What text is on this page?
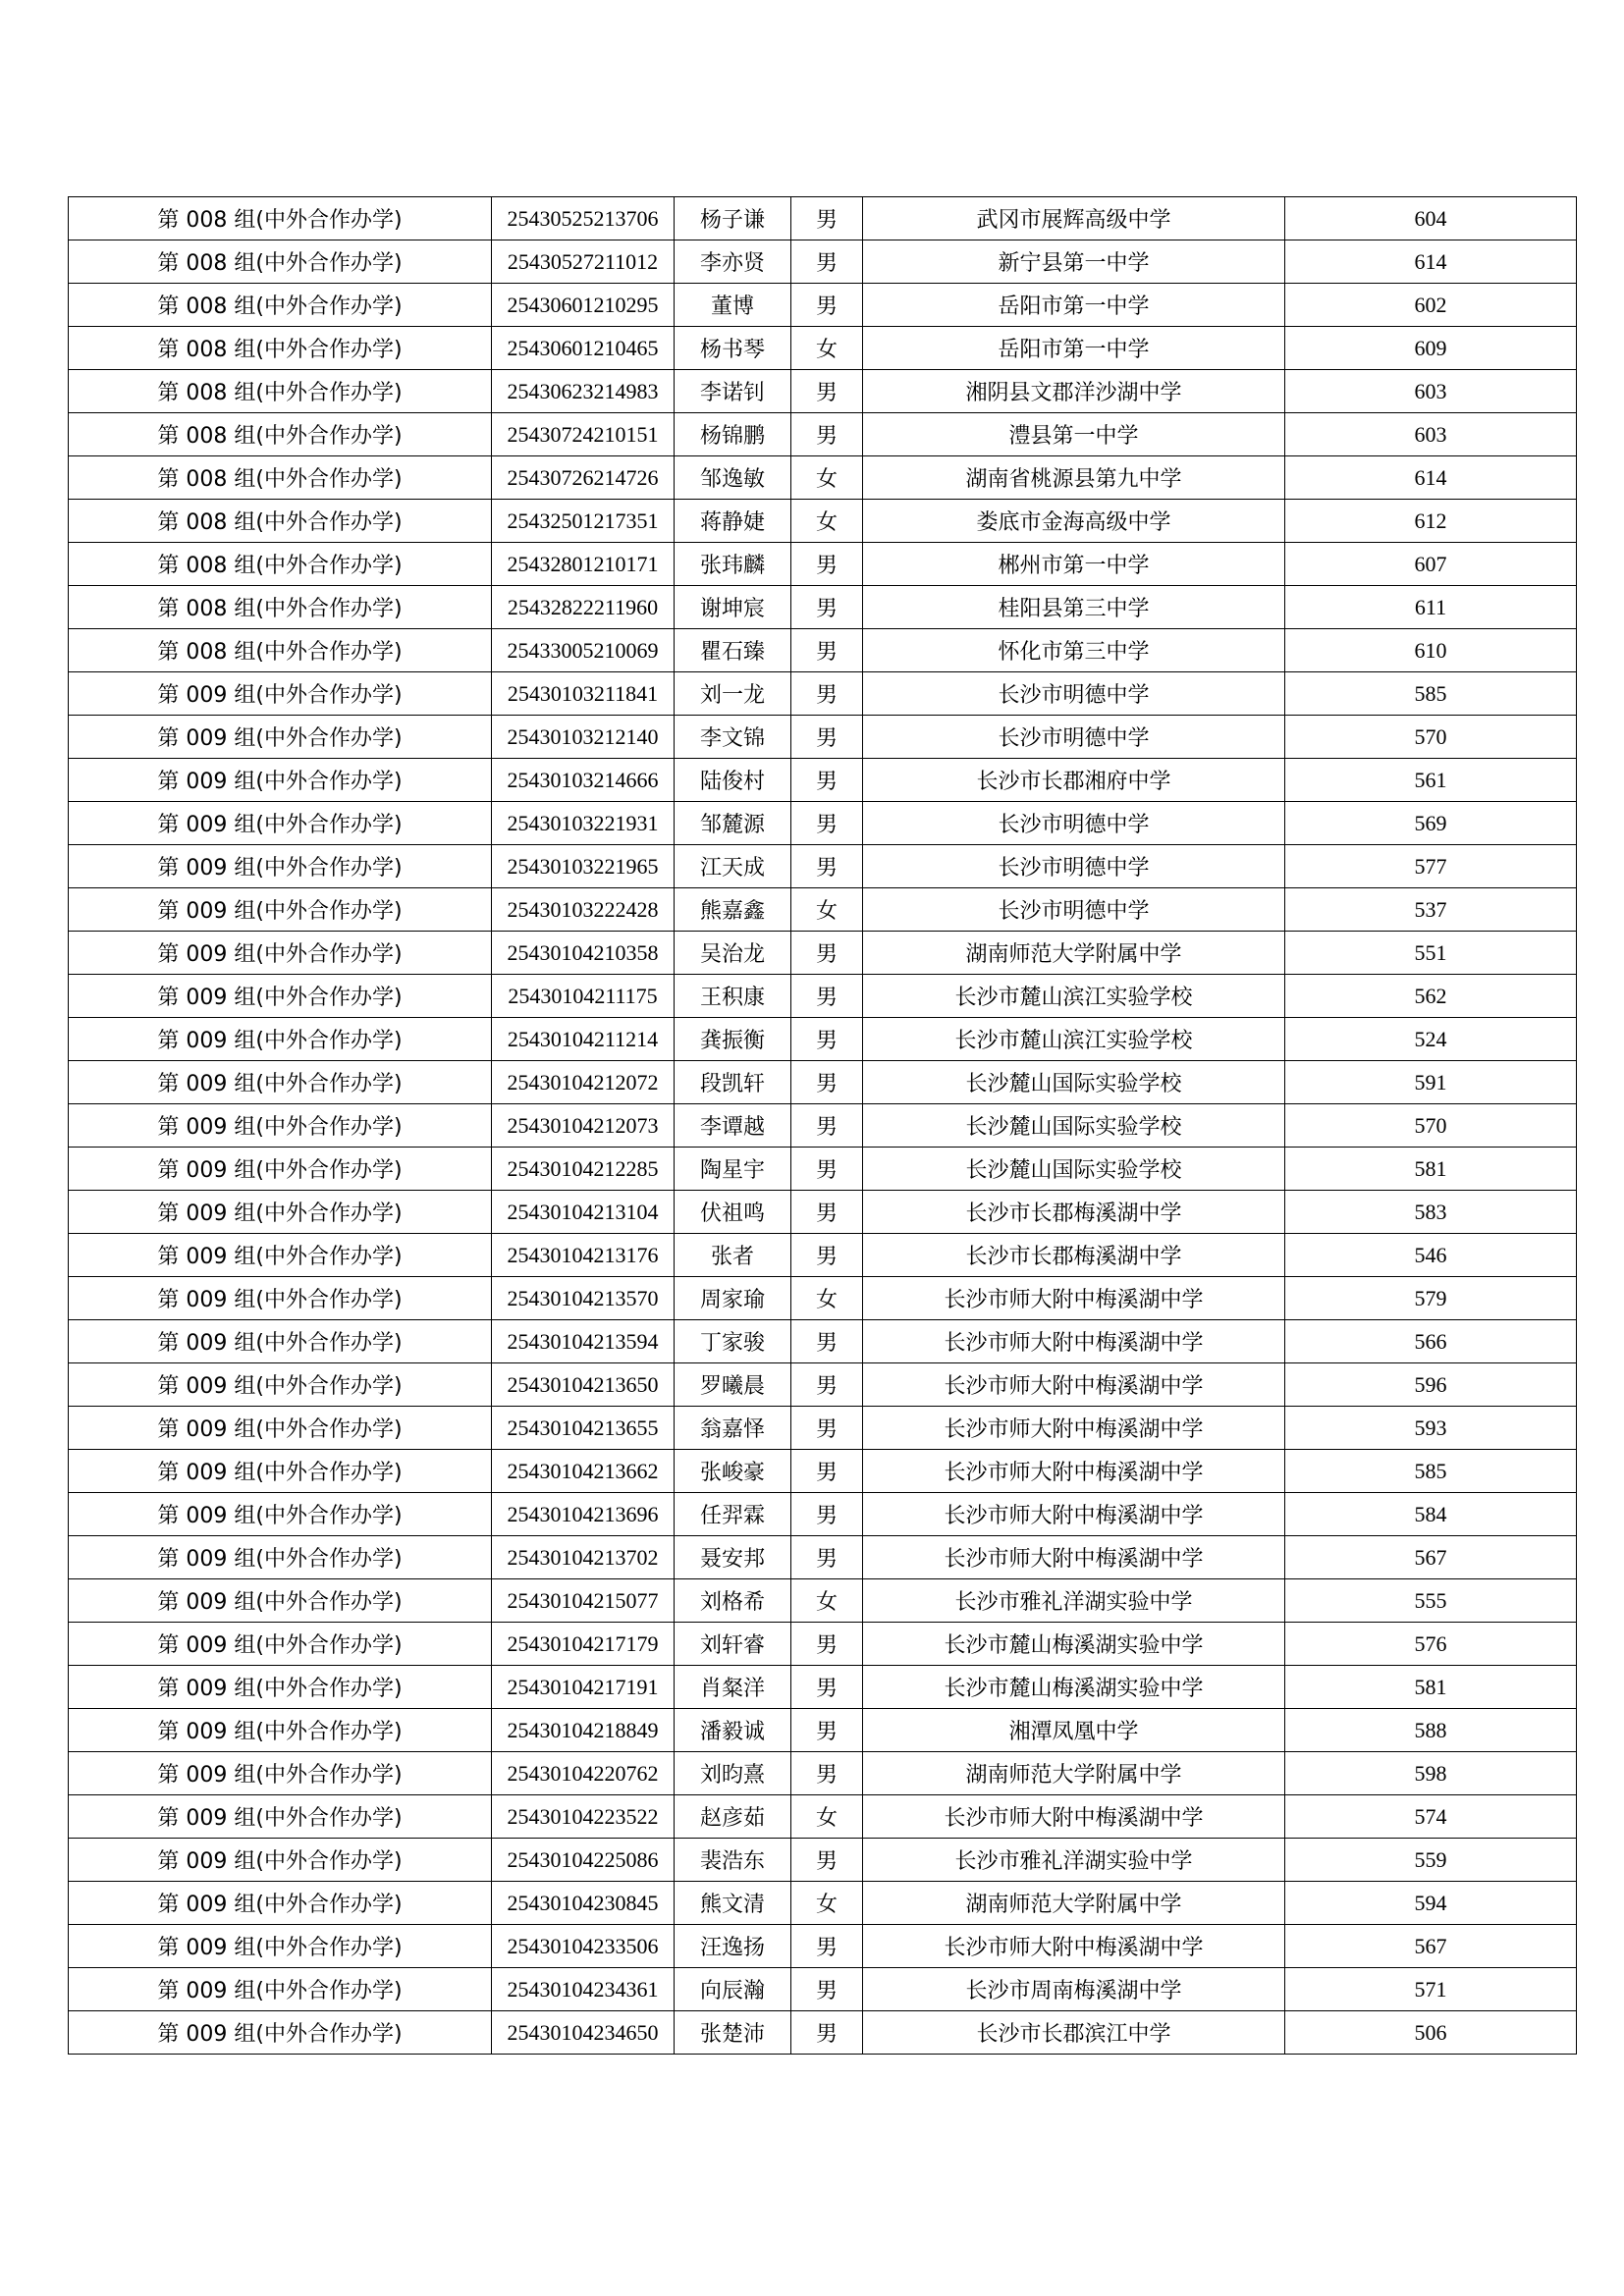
第 008 组(中外合作办学)	25430525213706	杨子谦	男	武冈市展辉高级中学	604
第 008 组(中外合作办学)	25430527211012	李亦贤	男	新宁县第一中学	614
第 008 组(中外合作办学)	25430601210295	董博	男	岳阳市第一中学	602
第 008 组(中外合作办学)	25430601210465	杨书琴	女	岳阳市第一中学	609
第 008 组(中外合作办学)	25430623214983	李诺钊	男	湘阴县文郡洋沙湖中学	603
第 008 组(中外合作办学)	25430724210151	杨锦鹏	男	澧县第一中学	603
第 008 组(中外合作办学)	25430726214726	邹逸敏	女	湖南省桃源县第九中学	614
第 008 组(中外合作办学)	25432501217351	蒋静婕	女	娄底市金海高级中学	612
第 008 组(中外合作办学)	25432801210171	张玮麟	男	郴州市第一中学	607
第 008 组(中外合作办学)	25432822211960	谢坤宸	男	桂阳县第三中学	611
第 008 组(中外合作办学)	25433005210069	瞿石臻	男	怀化市第三中学	610
第 009 组(中外合作办学)	25430103211841	刘一龙	男	长沙市明德中学	585
第 009 组(中外合作办学)	25430103212140	李文锦	男	长沙市明德中学	570
第 009 组(中外合作办学)	25430103214666	陆俊村	男	长沙市长郡湘府中学	561
第 009 组(中外合作办学)	25430103221931	邹麓源	男	长沙市明德中学	569
第 009 组(中外合作办学)	25430103221965	江天成	男	长沙市明德中学	577
第 009 组(中外合作办学)	25430103222428	熊嘉鑫	女	长沙市明德中学	537
第 009 组(中外合作办学)	25430104210358	吴治龙	男	湖南师范大学附属中学	551
第 009 组(中外合作办学)	25430104211175	王积康	男	长沙市麓山滨江实验学校	562
第 009 组(中外合作办学)	25430104211214	龚振衡	男	长沙市麓山滨江实验学校	524
第 009 组(中外合作办学)	25430104212072	段凯轩	男	长沙麓山国际实验学校	591
第 009 组(中外合作办学)	25430104212073	李谭越	男	长沙麓山国际实验学校	570
第 009 组(中外合作办学)	25430104212285	陶星宇	男	长沙麓山国际实验学校	581
第 009 组(中外合作办学)	25430104213104	伏祖鸣	男	长沙市长郡梅溪湖中学	583
第 009 组(中外合作办学)	25430104213176	张者	男	长沙市长郡梅溪湖中学	546
第 009 组(中外合作办学)	25430104213570	周家瑜	女	长沙市师大附中梅溪湖中学	579
第 009 组(中外合作办学)	25430104213594	丁家骏	男	长沙市师大附中梅溪湖中学	566
第 009 组(中外合作办学)	25430104213650	罗曦晨	男	长沙市师大附中梅溪湖中学	596
第 009 组(中外合作办学)	25430104213655	翁嘉怿	男	长沙市师大附中梅溪湖中学	593
第 009 组(中外合作办学)	25430104213662	张峻豪	男	长沙市师大附中梅溪湖中学	585
第 009 组(中外合作办学)	25430104213696	任羿霖	男	长沙市师大附中梅溪湖中学	584
第 009 组(中外合作办学)	25430104213702	聂安邦	男	长沙市师大附中梅溪湖中学	567
第 009 组(中外合作办学)	25430104215077	刘格希	女	长沙市雅礼洋湖实验中学	555
第 009 组(中外合作办学)	25430104217179	刘轩睿	男	长沙市麓山梅溪湖实验中学	576
第 009 组(中外合作办学)	25430104217191	肖粲洋	男	长沙市麓山梅溪湖实验中学	581
第 009 组(中外合作办学)	25430104218849	潘毅诚	男	湘潭凤凰中学	588
第 009 组(中外合作办学)	25430104220762	刘昀熹	男	湖南师范大学附属中学	598
第 009 组(中外合作办学)	25430104223522	赵彦茹	女	长沙市师大附中梅溪湖中学	574
第 009 组(中外合作办学)	25430104225086	裴浩东	男	长沙市雅礼洋湖实验中学	559
第 009 组(中外合作办学)	25430104230845	熊文清	女	湖南师范大学附属中学	594
第 009 组(中外合作办学)	25430104233506	汪逸扬	男	长沙市师大附中梅溪湖中学	567
第 009 组(中外合作办学)	25430104234361	向辰瀚	男	长沙市周南梅溪湖中学	571
第 009 组(中外合作办学)	25430104234650	张楚沛	男	长沙市长郡滨江中学	506
